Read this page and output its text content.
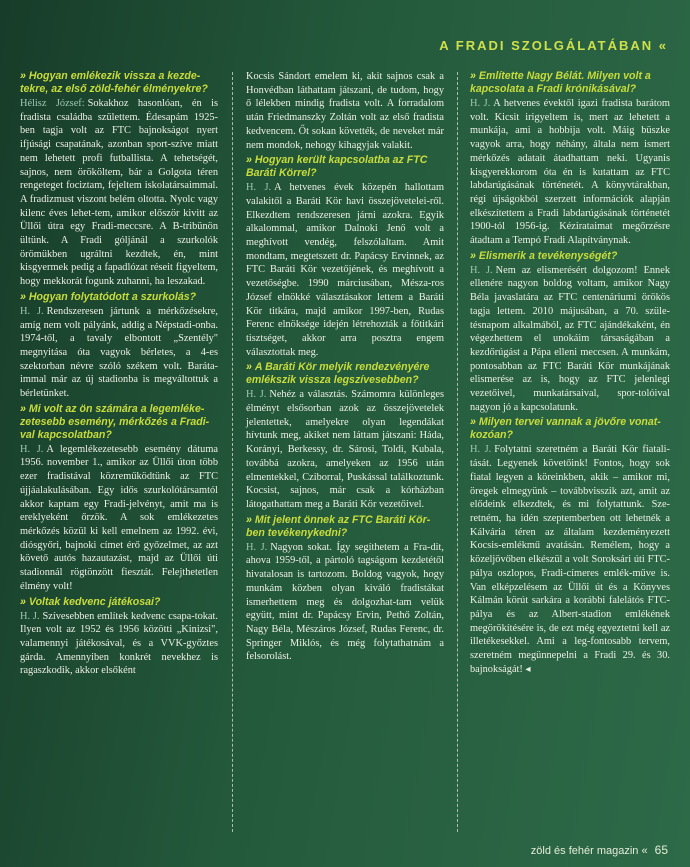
A FRADI SZOLGÁLATÁBAN «
» Hogyan emlékezik vissza a kezde-tekre, az első zöld-fehér élményekre?
Hélisz József: Sokakhoz hasonlóan, én is fradista családba születtem. Édesapám 1925-ben tagja volt az FTC bajnokságot nyert ifjúsági csapatának, azonban sport-szíve miatt nem lehetett profi futballista. A tehetségét, sajnos, nem örököltem, bár a Golgota téren rengeteget fociztam, fejeltem iskolatársaimmal. A fradizmust viszont belém oltotta. Nyolc vagy kilenc éves lehet-tem, amikor először kivitt az Üllői útra egy Fradi-meccsre. A B-tribünön ültünk. A Fradi góljánál a szurkolók örömükben ugráltni kezdtek, én, mint kisgyermek pedig a fapadlózat réseit figyeltem, hogy mekkorát fogunk zuhanni, ha leszakad.
» Hogyan folytatódott a szurkolás?
H. J. Rendszeresen jártunk a mérkőzésekre, amíg nem volt pályánk, addig a Népstadi-onba. 1974-től, a tavaly elbontott „Szentély" megnyitása óta vagyok bérletes, a 4-es szektorban névre szóló székem volt. Baráta-immal már az új stadionba is megváltottuk a bérletünket.
» Mi volt az ön számára a legemléke-zetesebb esemény, mérkőzés a Fradi-val kapcsolatban?
H. J. A legemlékezetesebb esemény dátuma 1956. november 1., amikor az Üllői úton több ezer fradistával közreműködtünk az FTC újjáalakulásában. Egy idős szurkolótársamtól akkor kaptam egy Fradi-jelvényt, amit ma is ereklyeként őrzök. A sok emlékezetes mérkőzés közül ki kell emelnem az 1992. évi, diósgyőri, bajnoki címet érő győzelmet, az azt követő autós hazautazást, majd az Üllői úti stadionnál rögtönzött fiesztát. Felejthetetlen élmény volt!
» Voltak kedvenc játékosai?
H. J. Szívesebben említek kedvenc csapa-tokat. Ilyen volt az 1952 és 1956 közötti „Kinizsi", valamennyi játékosával, és a VVK-győztes gárda. Amennyiben konkrét nevekhez is ragaszkodik, akkor elsőként
Kocsis Sándort emelem ki, akit sajnos csak a Honvédban láthattam játszani, de tudom, hogy ő lélekben mindig fradista volt. A forradalom után Friedmanszky Zoltán volt az első fradista kedvencem. Őt sokan követték, de neveket már nem mondok, nehogy kihagyjak valakit.
» Hogyan került kapcsolatba az FTC Baráti Körrel?
H. J. A hetvenes évek közepén hallottam valakitől a Baráti Kör havi összejövetelei-ről. Elkezdtem rendszeresen járni azokra. Egyik alkalommal, amikor Dalnoki Jenő volt a meghívott vendég, felszólaltam. Amit mondtam, megtetszett dr. Papácsy Ervinnek, az FTC Baráti Kör vezetőjének, és meghívott a vezetőségbe. 1990 márciusában, Mésza-ros József elnökké választásakor lettem a Baráti Kör titkára, majd amikor 1997-ben, Rudas Ferenc elnöksége idején létrehozták a főtitkári tisztséget, akkor arra posztra engem választottak meg.
» A Baráti Kör melyik rendezvényére emlékszik vissza legszívesebben?
H. J. Nehéz a választás. Számomra különleges élményt elsősorban azok az összejövetelek jelentettek, amelyekre olyan legendákat hívtunk meg, akiket nem láttam játszani: Háda, Korányi, Berkessy, dr. Sárosi, Toldi, Kubala, továbbá azokra, amelyeken az 1956 után elmentekkel, Cziborral, Puskással találkoztunk. Kocsist, sajnos, már csak a kórházban látogathattam meg a Baráti Kör vezetőivel.
» Mit jelent önnek az FTC Baráti Kör-ben tevékenykedni?
H. J. Nagyon sokat. Így segíthetem a Fra-dit, ahova 1959-től, a pártoló tagságom kezdetétől hivatalosan is tartozom. Boldog vagyok, hogy munkám közben olyan kiváló fradistákat ismerhettem meg és dolgozhat-tam velük együtt, mint dr. Papácsy Ervin, Pethő Zoltán, Nagy Béla, Mészáros József, Rudas Ferenc, dr. Springer Miklós, és még folytathatnám a felsorolást.
» Említette Nagy Bélát. Milyen volt a kapcsolata a Fradi krónikásával?
H. J. A hetvenes évektől igazi fradista barátom volt. Kicsit irigyeltem is, mert az lehetett a munkája, ami a hobbija volt. Máig büszke vagyok arra, hogy néhány, általa nem ismert mérkőzés adatait átadhattam neki. Ugyanis kisgyerekkorom óta én is kutattam az FTC labdarúgásának történetét. A könyvtárakban, régi újságokból szerzett információk alapján elkészítettem a Fradi labdarúgásának történetét 1900-tól 1956-ig. Kézirataimat megőrzésre átadtam a Tempó Fradi Alapítványnak.
» Elismerik a tevékenységét?
H. J. Nem az elismerésért dolgozom! Ennek ellenére nagyon boldog voltam, amikor Nagy Béla javaslatára az FTC centenáriumi örökös tagja lettem. 2010 májusában, a 70. szüle-tésnapom alkalmából, az FTC ajándékaként, én végezhettem el unokáim társaságában a kezdőrúgást a Pápa elleni meccsen. A munkám, pontosabban az FTC Baráti Kör munkájának elismerése az is, hogy az FTC jelenlegi vezetőivel, munkatársaival, spor-tolóival nagyon jó a kapcsolatunk.
» Milyen tervei vannak a jövőre vonat-kozóan?
H. J. Folytatni szeretném a Baráti Kör fiatali-tását. Legyenek követőink! Fontos, hogy sok fiatal legyen a köreinkben, akik – amikor mi, öregek elmegyünk – továbbvisszik azt, amit az elődeink elkezdtek, és mi folytattunk. Sze-retném, ha idén szeptemberben ott lehetnék a Kálvária téren az általam kezdeményezett Kocsis-emlékmű avatásán. Remélem, hogy a közeljövőben elkészül a volt Soroksári úti FTC-pálya oszlopos, Fradi-címeres emlék-műve is. Van elképzelésem az Üllői út és a Könyves Kálmán körút sarkára a korábbi falelátós FTC-pálya és az Albert-stadion emlékének megörökítésére is, de ezt még egyeztetni kell az illetékesekkel. Ami a leg-fontosabb tervem, szeretném megünnepelni a Fradi 29. és 30. bajnokságát! ◂
zöld és fehér magazin « 65
